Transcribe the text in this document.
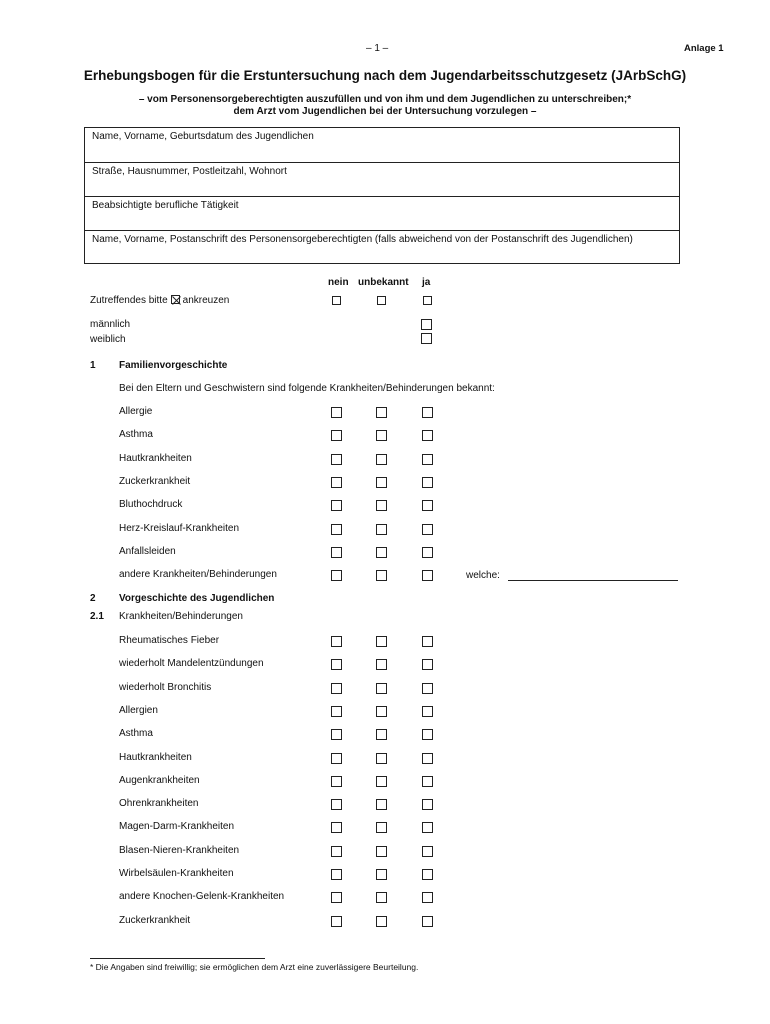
– 1 –	Anlage 1
Erhebungsbogen für die Erstuntersuchung nach dem Jugendarbeitsschutzgesetz (JArbSchG)
– vom Personensorgeberechtigten auszufüllen und von ihm und dem Jugendlichen zu unterschreiben;*
dem Arzt vom Jugendlichen bei der Untersuchung vorzulegen –
Name, Vorname, Geburtsdatum des Jugendlichen
Straße, Hausnummer, Postleitzahl, Wohnort
Beabsichtigte berufliche Tätigkeit
Name, Vorname, Postanschrift des Personensorgeberechtigten (falls abweichend von der Postanschrift des Jugendlichen)
nein unbekannt ja
Zutreffendes bitte ☒ ankreuzen
männlich
weiblich
1 Familienvorgeschichte
Bei den Eltern und Geschwistern sind folgende Krankheiten/Behinderungen bekannt:
Allergie
Asthma
Hautkrankheiten
Zuckerkrankheit
Bluthochdruck
Herz-Kreislauf-Krankheiten
Anfallsleiden
andere Krankheiten/Behinderungen	welche:
2 Vorgeschichte des Jugendlichen
2.1 Krankheiten/Behinderungen
Rheumatisches Fieber
wiederholt Mandelentzündungen
wiederholt Bronchitis
Allergien
Asthma
Hautkrankheiten
Augenkrankheiten
Ohrenkrankheiten
Magen-Darm-Krankheiten
Blasen-Nieren-Krankheiten
Wirbelsäulen-Krankheiten
andere Knochen-Gelenk-Krankheiten
Zuckerkrankheit
* Die Angaben sind freiwillig; sie ermöglichen dem Arzt eine zuverlässigere Beurteilung.
